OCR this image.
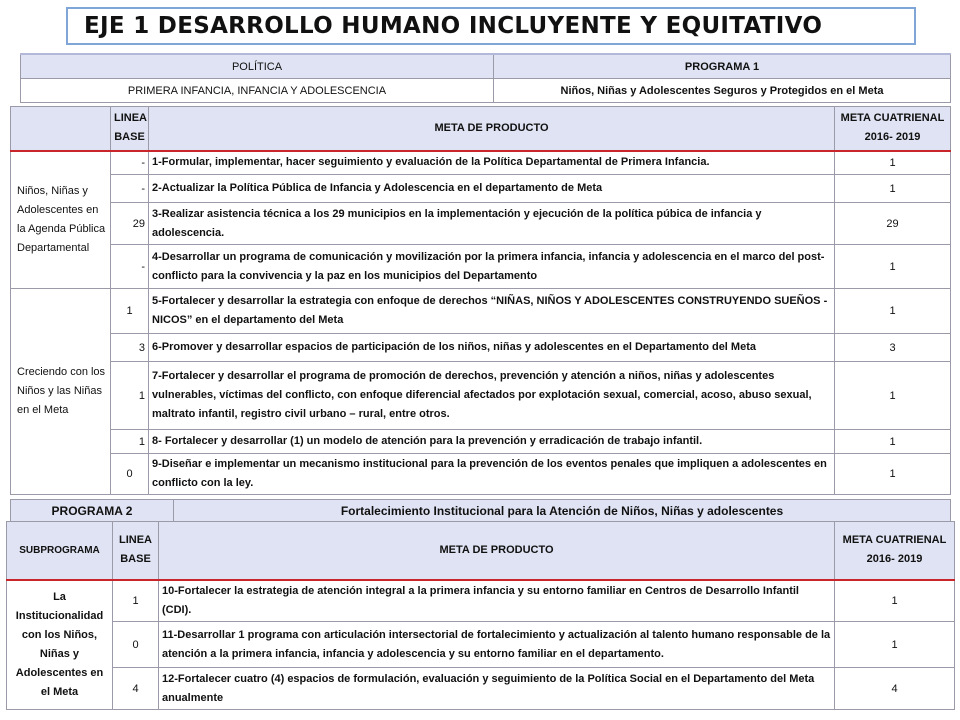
EJE 1 DESARROLLO HUMANO INCLUYENTE Y EQUITATIVO
POLÍTICA	PROGRAMA 1
PRIMERA INFANCIA, INFANCIA Y ADOLESCENCIA	Niños, Niñas y Adolescentes Seguros y Protegidos en el Meta
	LINEA BASE	META DE PRODUCTO	META CUATRIENAL 2016- 2019
Niños, Niñas y Adolescentes en la Agenda Pública Departamental	-	1-Formular, implementar, hacer seguimiento y evaluación de la Política Departamental de Primera Infancia.	1
	-	2-Actualizar la Política Pública de Infancia y Adolescencia en el departamento de Meta	1
	29	3-Realizar asistencia técnica a los 29 municipios en la implementación y ejecución de la política púbica de infancia y adolescencia.	29
	-	4-Desarrollar un programa de comunicación y movilización por la primera infancia, infancia y adolescencia en el marco del post-conflicto para la convivencia y la paz en los municipios del Departamento	1
Creciendo con los Niños y las Niñas en el Meta	1	5-Fortalecer y desarrollar la estrategia con enfoque de derechos “NIÑAS, NIÑOS Y ADOLESCENTES CONSTRUYENDO SUEÑOS - NICOS” en el departamento del Meta	1
	3	6-Promover y desarrollar espacios de participación de los niños, niñas y adolescentes en el Departamento del Meta	3
	1	7-Fortalecer y desarrollar el programa de promoción de derechos, prevención y atención a niños, niñas y adolescentes vulnerables, víctimas del conflicto, con enfoque diferencial afectados por explotación sexual, comercial, acoso, abuso sexual, maltrato infantil, registro civil urbano – rural, entre otros.	1
	1	8- Fortalecer y desarrollar (1) un modelo de atención para la prevención y erradicación de trabajo infantil.	1
	0	9-Diseñar e implementar un mecanismo institucional para la prevención de los eventos penales que impliquen a adolescentes en conflicto con la ley.	1
PROGRAMA 2	Fortalecimiento Institucional para la Atención de Niños, Niñas y adolescentes
SUBPROGRAMA	LINEA BASE	META DE PRODUCTO	META CUATRIENAL 2016- 2019
La Institucionalidad con los Niños, Niñas y Adolescentes en el Meta	1	10-Fortalecer la estrategia de atención integral a la primera infancia y su entorno familiar en Centros de Desarrollo Infantil (CDI).	1
	0	11-Desarrollar 1 programa con articulación intersectorial de fortalecimiento y actualización al talento humano responsable de la atención a la primera infancia, infancia y adolescencia y su entorno familiar en el departamento.	1
	4	12-Fortalecer cuatro (4) espacios de formulación, evaluación y seguimiento de la Política Social en el Departamento del Meta anualmente	4
